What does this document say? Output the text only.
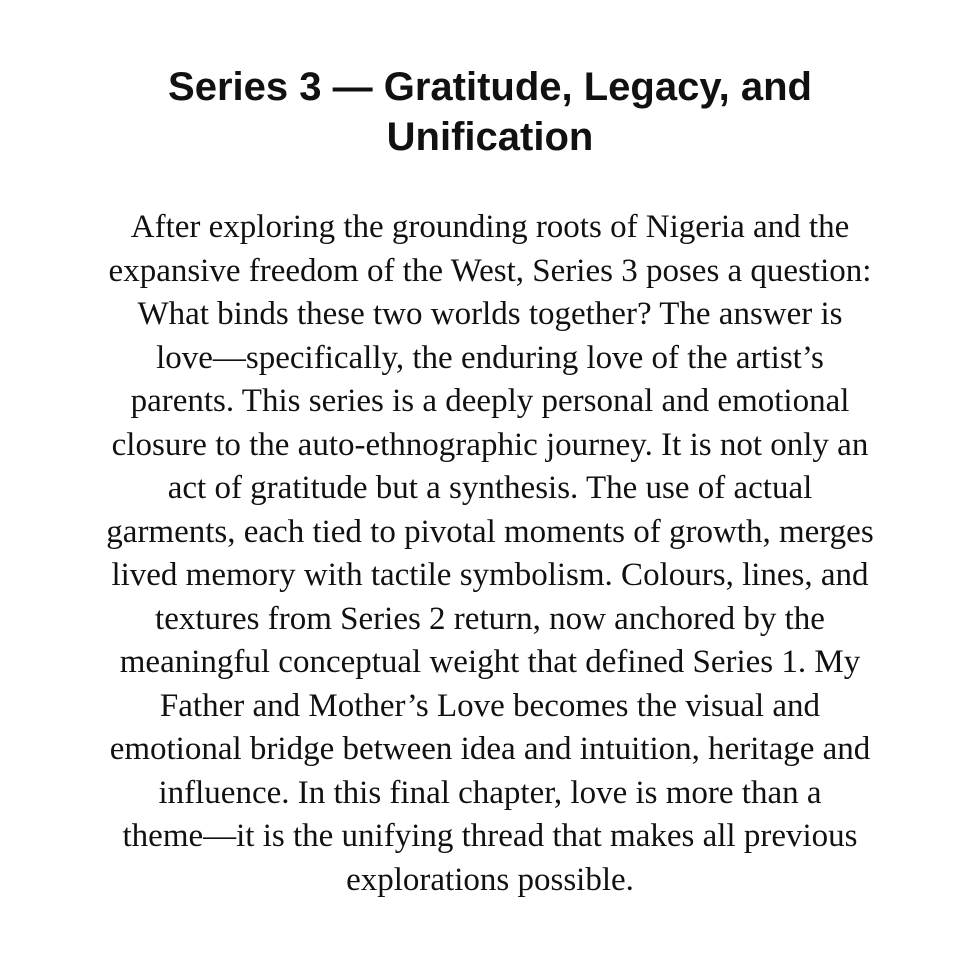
Series 3 — Gratitude, Legacy, and
Unification
After exploring the grounding roots of Nigeria and the
expansive freedom of the West, Series 3 poses a question:
What binds these two worlds together? The answer is
love—specifically, the enduring love of the artist’s
parents. This series is a deeply personal and emotional
closure to the auto-ethnographic journey. It is not only an
act of gratitude but a synthesis. The use of actual
garments, each tied to pivotal moments of growth, merges
lived memory with tactile symbolism. Colours, lines, and
textures from Series 2 return, now anchored by the
meaningful conceptual weight that defined Series 1. My
Father and Mother’s Love becomes the visual and
emotional bridge between idea and intuition, heritage and
influence. In this final chapter, love is more than a
theme—it is the unifying thread that makes all previous
explorations possible.
